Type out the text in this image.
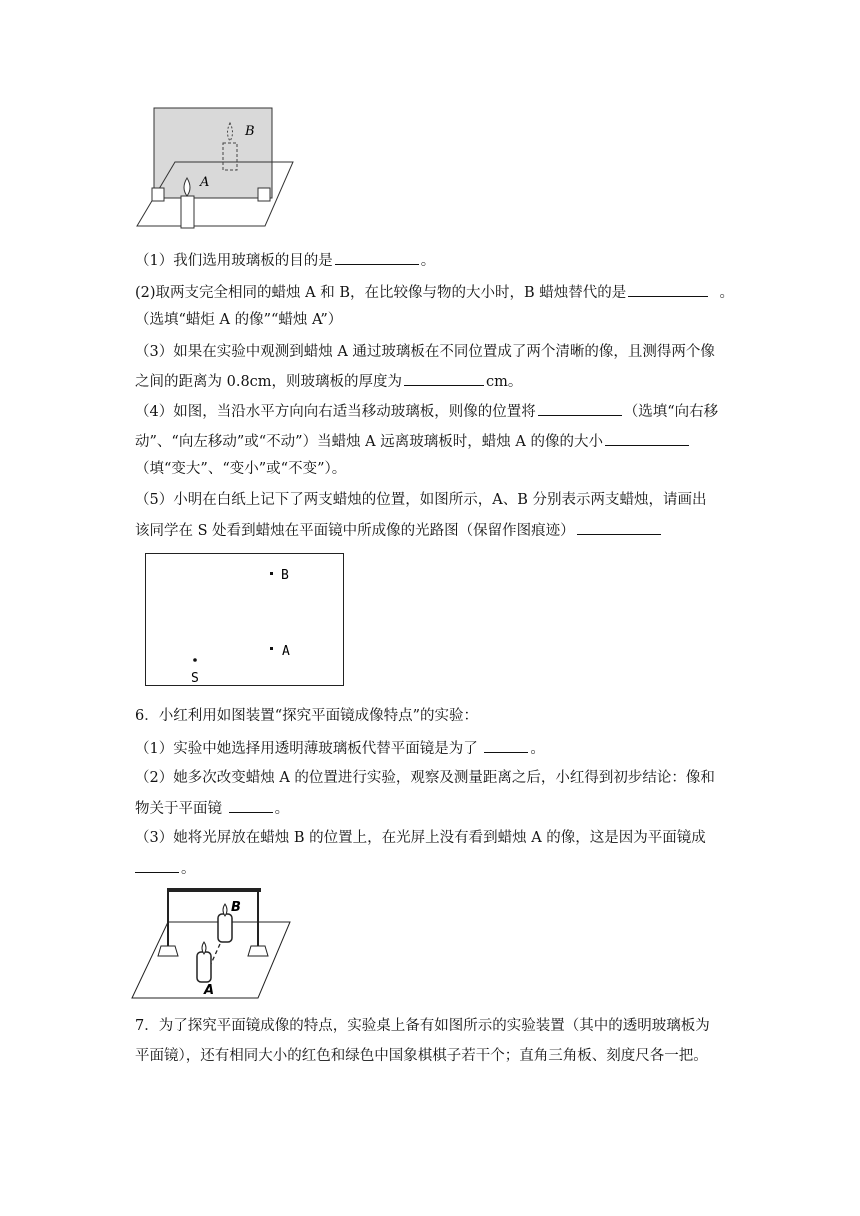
B
A
（1）我们选用玻璃板的目的是	。
(2)取两支完全相同的蜡烛 A 和 B，在比较像与物的大小时，B 蜡烛替代的是	。
（选填“蜡炬 A 的像”“蜡烛 A”）
（3）如果在实验中观测到蜡烛 A 通过玻璃板在不同位置成了两个清晰的像，且测得两个像
之间的距离为 0.8cm，则玻璃板的厚度为	cm。
（4）如图，当沿水平方向向右适当移动玻璃板，则像的位置将	（选填“向右移
动”、“向左移动”或“不动”）当蜡烛 A 远离玻璃板时，蜡烛 A 的像的大小
（填“变大”、“变小”或“不变”）。
（5）小明在白纸上记下了两支蜡烛的位置，如图所示，A、B 分别表示两支蜡烛，请画出
该同学在 S 处看到蜡烛在平面镜中所成像的光路图（保留作图痕迹）
B
A
S
6．小红利用如图装置“探究平面镜成像特点”的实验：
（1）实验中她选择用透明薄玻璃板代替平面镜是为了	。
（2）她多次改变蜡烛 A 的位置进行实验，观察及测量距离之后，小红得到初步结论：像和
物关于平面镜	。
（3）她将光屏放在蜡烛 B 的位置上，在光屏上没有看到蜡烛 A 的像，这是因为平面镜成
。
B
A
7．为了探究平面镜成像的特点，实验桌上备有如图所示的实验装置（其中的透明玻璃板为
平面镜），还有相同大小的红色和绿色中国象棋棋子若干个；直角三角板、刻度尺各一把。
